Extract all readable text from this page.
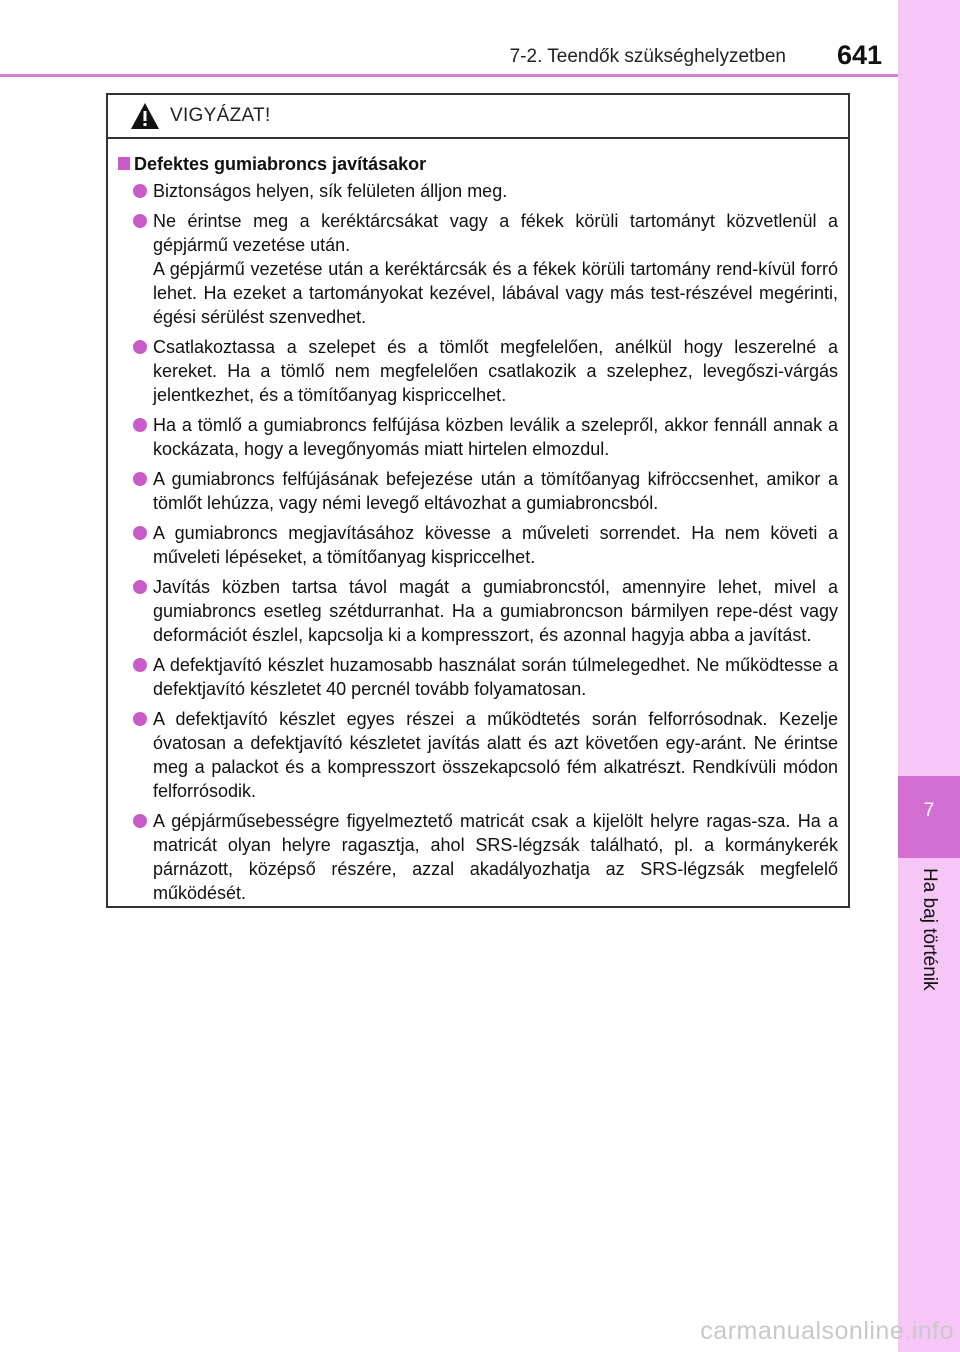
7-2. Teendők szükséghelyzetben 641
7
Ha baj történik
VIGYÁZAT!
Defektes gumiabroncs javításakor
Biztonságos helyen, sík felületen álljon meg.
Ne érintse meg a keréktárcsákat vagy a fékek körüli tartományt közvetlenül a gépjármű vezetése után.
A gépjármű vezetése után a keréktárcsák és a fékek körüli tartomány rend-kívül forró lehet. Ha ezeket a tartományokat kezével, lábával vagy más test-részével megérinti, égési sérülést szenvedhet.
Csatlakoztassa a szelepet és a tömlőt megfelelően, anélkül hogy leszerelné a kereket. Ha a tömlő nem megfelelően csatlakozik a szelephez, levegőszi-várgás jelentkezhet, és a tömítőanyag kispriccelhet.
Ha a tömlő a gumiabroncs felfújása közben leválik a szelepről, akkor fennáll annak a kockázata, hogy a levegőnyomás miatt hirtelen elmozdul.
A gumiabroncs felfújásának befejezése után a tömítőanyag kifröccsenhet, amikor a tömlőt lehúzza, vagy némi levegő eltávozhat a gumiabroncsból.
A gumiabroncs megjavításához kövesse a műveleti sorrendet. Ha nem követi a műveleti lépéseket, a tömítőanyag kispriccelhet.
Javítás közben tartsa távol magát a gumiabroncstól, amennyire lehet, mivel a gumiabroncs esetleg szétdurranhat. Ha a gumiabroncson bármilyen repe-dést vagy deformációt észlel, kapcsolja ki a kompresszort, és azonnal hagyja abba a javítást.
A defektjavító készlet huzamosabb használat során túlmelegedhet. Ne működtesse a defektjavító készletet 40 percnél tovább folyamatosan.
A defektjavító készlet egyes részei a működtetés során felforrósodnak. Kezelje óvatosan a defektjavító készletet javítás alatt és azt követően egy-aránt. Ne érintse meg a palackot és a kompresszort összekapcsoló fém alkatrészt. Rendkívüli módon felforrósodik.
A gépjárműsebességre figyelmeztető matricát csak a kijelölt helyre ragas-sza. Ha a matricát olyan helyre ragasztja, ahol SRS-légzsák található, pl. a kormánykerék párnázott, középső részére, azzal akadályozhatja az SRS-légzsák megfelelő működését.
carmanualsonline.info
